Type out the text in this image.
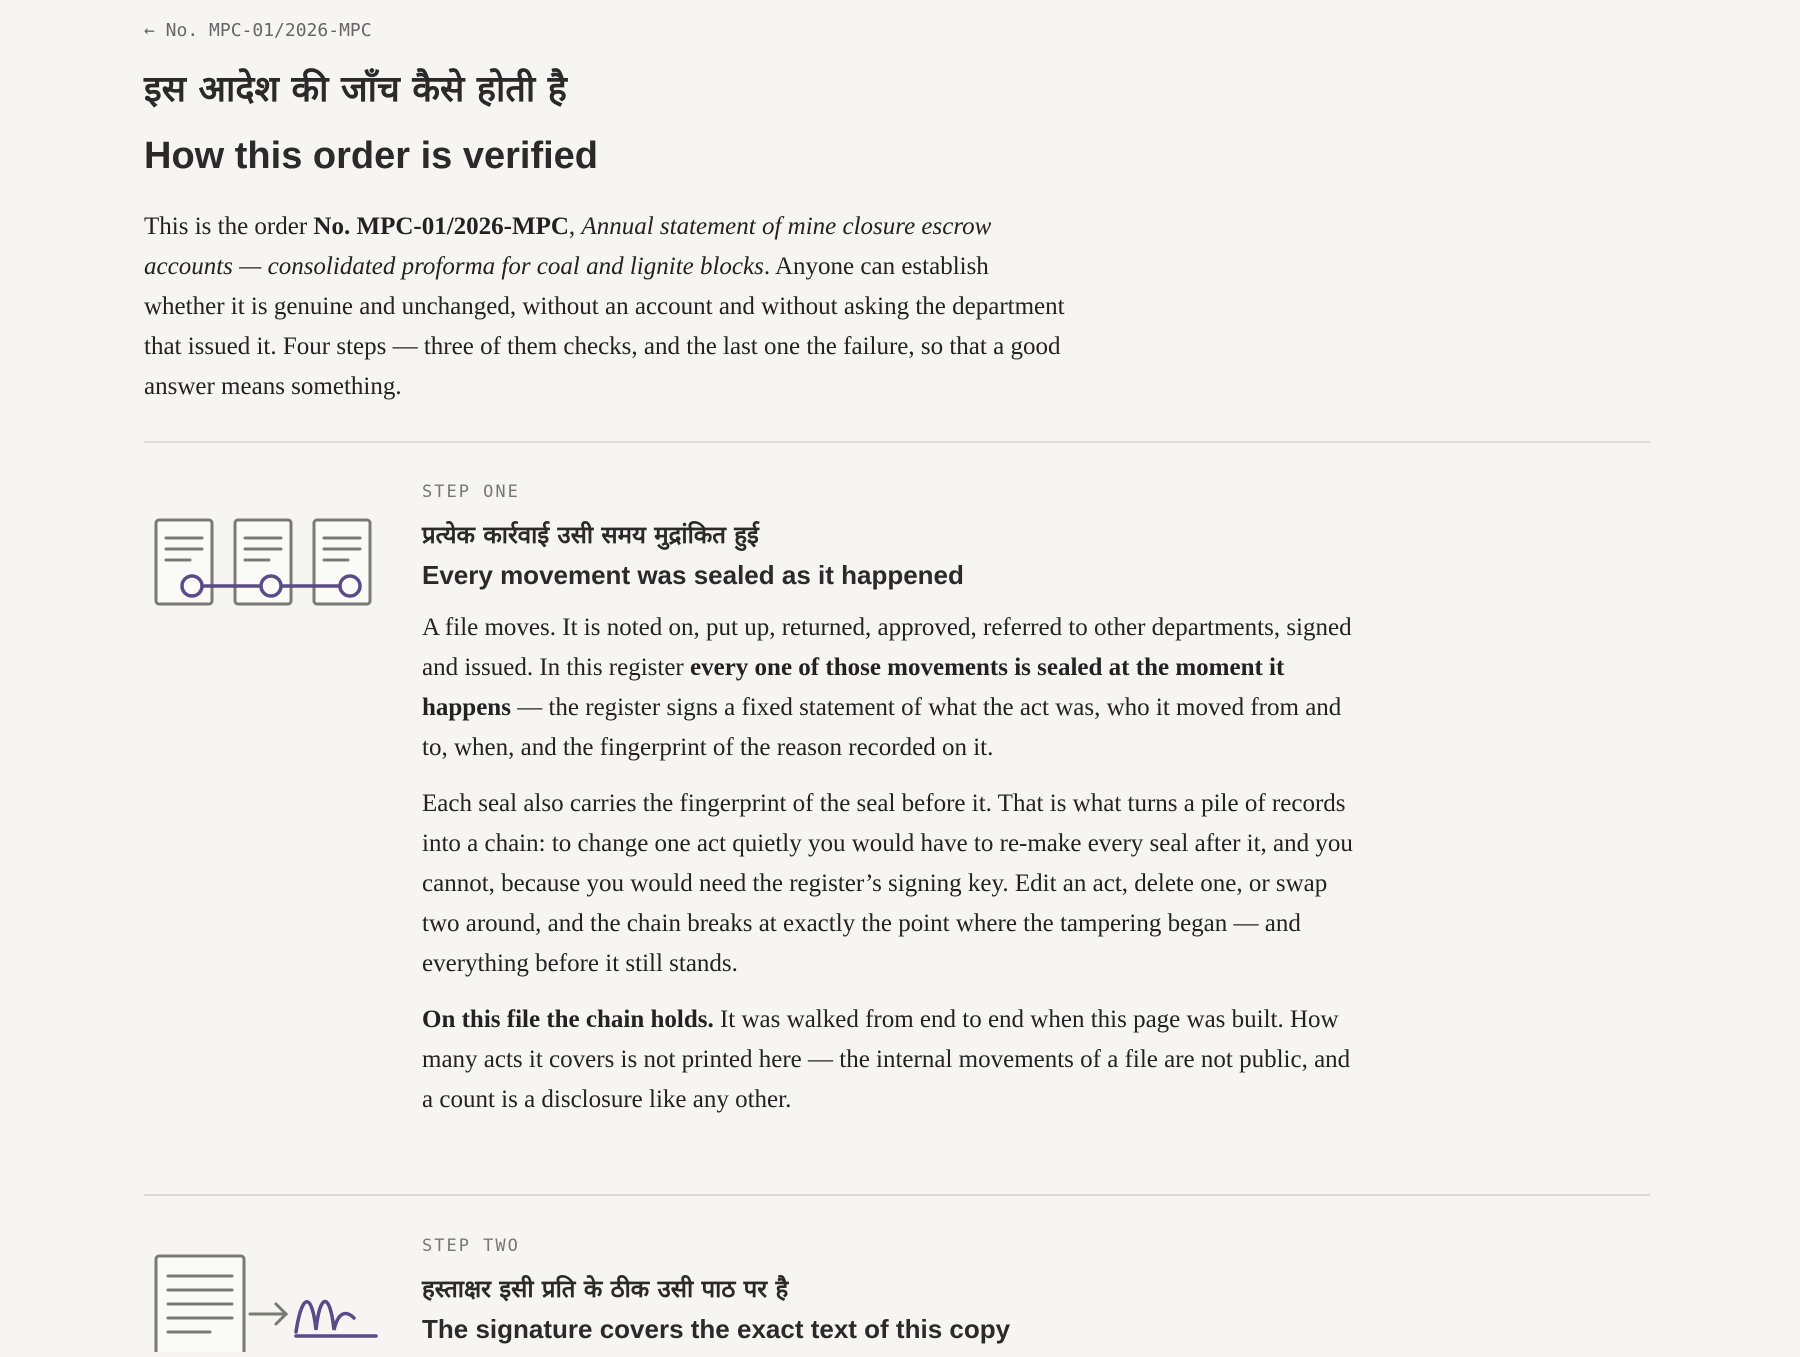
← No. MPC-01/2026-MPC
इस आदेश की जाँच कैसे होती है
How this order is verified

This is the order No. MPC-01/2026-MPC, Annual statement of mine closure escrow accounts — consolidated proforma for coal and lignite blocks. Anyone can establish whether it is genuine and unchanged, without an account and without asking the department that issued it. Four steps — three of them checks, and the last one the failure, so that a good answer means something.

STEP ONE
प्रत्येक कार्रवाई उसी समय मुद्रांकित हुई
Every movement was sealed as it happened

A file moves. It is noted on, put up, returned, approved, referred to other departments, signed and issued. In this register every one of those movements is sealed at the moment it happens — the register signs a fixed statement of what the act was, who it moved from and to, when, and the fingerprint of the reason recorded on it.

Each seal also carries the fingerprint of the seal before it. That is what turns a pile of records into a chain: to change one act quietly you would have to re-make every seal after it, and you cannot, because you would need the register’s signing key. Edit an act, delete one, or swap two around, and the chain breaks at exactly the point where the tampering began — and everything before it still stands.

On this file the chain holds. It was walked from end to end when this page was built. How many acts it covers is not printed here — the internal movements of a file are not public, and a count is a disclosure like any other.

STEP TWO
हस्ताक्षर इसी प्रति के ठीक उसी पाठ पर है
The signature covers the exact text of this copy
